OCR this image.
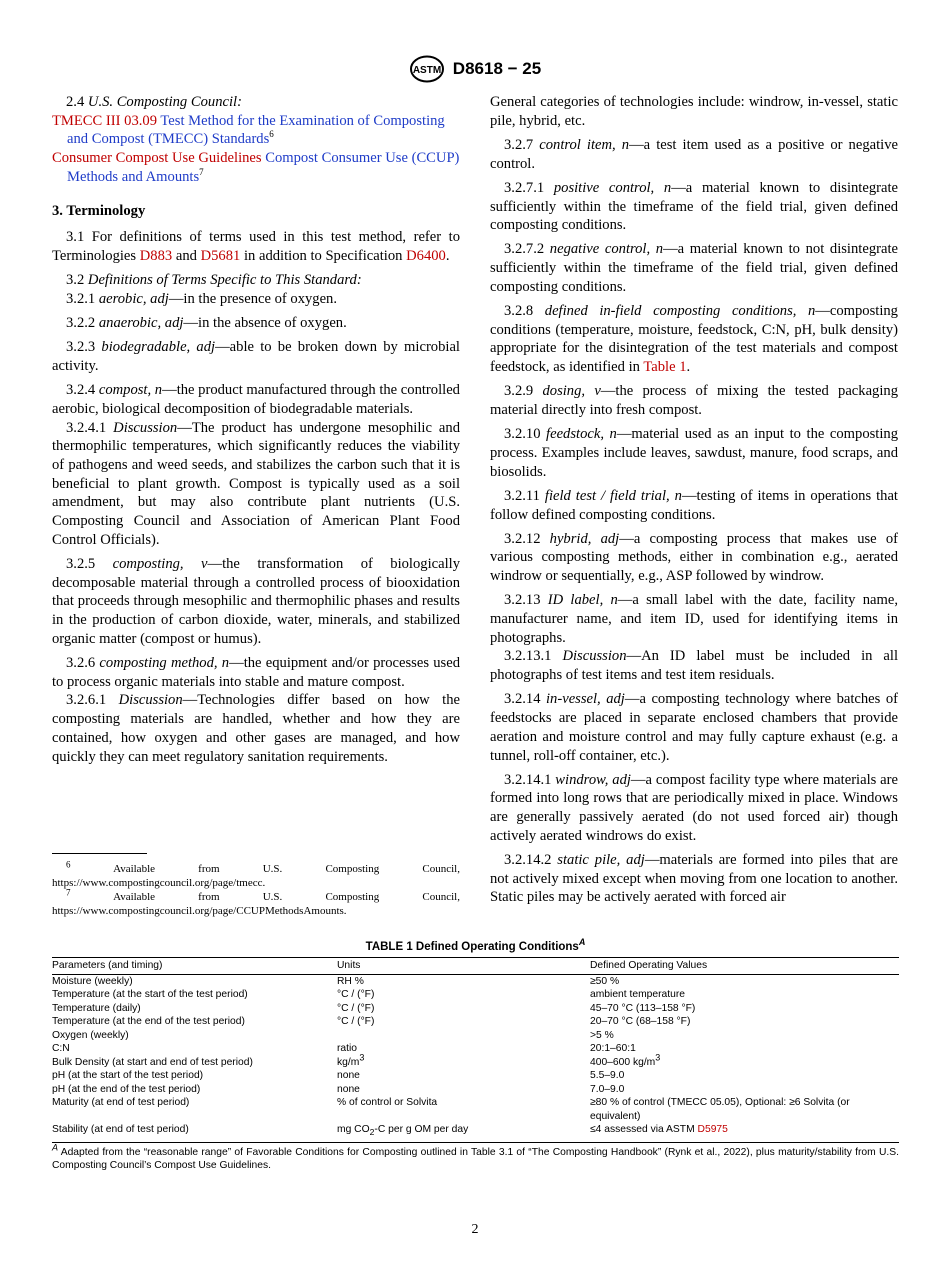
ASTM D8618 − 25

2.4 U.S. Composting Council:

TMECC III 03.09 Test Method for the Examination of Composting and Compost (TMECC) Standards$^6$

Consumer Compost Use Guidelines Compost Consumer Use (CCUP) Methods and Amounts$^7$

3. Terminology

3.1 For definitions of terms used in this test method, refer to Terminologies D883 and D5681 in addition to Specification D6400.

3.2 Definitions of Terms Specific to This Standard:

3.2.1 aerobic, adj—in the presence of oxygen.

3.2.2 anaerobic, adj—in the absence of oxygen.

3.2.3 biodegradable, adj—able to be broken down by microbial activity.

3.2.4 compost, n—the product manufactured through the controlled aerobic, biological decomposition of biodegradable materials.

3.2.4.1 Discussion—The product has undergone mesophilic and thermophilic temperatures, which significantly reduces the viability of pathogens and weed seeds, and stabilizes the carbon such that it is beneficial to plant growth. Compost is typically used as a soil amendment, but may also contribute plant nutrients (U.S. Composting Council and Association of American Plant Food Control Officials).

3.2.5 composting, v—the transformation of biologically decomposable material through a controlled process of biooxidation that proceeds through mesophilic and thermophilic phases and results in the production of carbon dioxide, water, minerals, and stabilized organic matter (compost or humus).

3.2.6 composting method, n—the equipment and/or processes used to process organic materials into stable and mature compost.

3.2.6.1 Discussion—Technologies differ based on how the composting materials are handled, whether and how they are contained, how oxygen and other gases are managed, and how quickly they can meet regulatory sanitation requirements.

General categories of technologies include: windrow, in-vessel, static pile, hybrid, etc.

3.2.7 control item, n—a test item used as a positive or negative control.

3.2.7.1 positive control, n—a material known to disintegrate sufficiently within the timeframe of the field trial, given defined composting conditions.

3.2.7.2 negative control, n—a material known to not disintegrate sufficiently within the timeframe of the field trial, given defined composting conditions.

3.2.8 defined in-field composting conditions, n—composting conditions (temperature, moisture, feedstock, C:N, pH, bulk density) appropriate for the disintegration of the test materials and compost feedstock, as identified in Table 1.

3.2.9 dosing, v—the process of mixing the tested packaging material directly into fresh compost.

3.2.10 feedstock, n—material used as an input to the composting process. Examples include leaves, sawdust, manure, food scraps, and biosolids.

3.2.11 field test / field trial, n—testing of items in operations that follow defined composting conditions.

3.2.12 hybrid, adj—a composting process that makes use of various composting methods, either in combination e.g., aerated windrow or sequentially, e.g., ASP followed by windrow.

3.2.13 ID label, n—a small label with the date, facility name, manufacturer name, and item ID, used for identifying items in photographs.

3.2.13.1 Discussion—An ID label must be included in all photographs of test items and test item residuals.

3.2.14 in-vessel, adj—a composting technology where batches of feedstocks are placed in separate enclosed chambers that provide aeration and moisture control and may fully capture exhaust (e.g. a tunnel, roll-off container, etc.).

3.2.14.1 windrow, adj—a compost facility type where materials are formed into long rows that are periodically mixed in place. Windows are generally passively aerated (do not used forced air) though actively aerated windrows do exist.

3.2.14.2 static pile, adj—materials are formed into piles that are not actively mixed except when moving from one location to another. Static piles may be actively aerated with forced air

$^6$	Available from U.S. Composting Council, https://www.compostingcouncil.org/page/tmecc.

$^7$	Available from U.S. Composting Council, https://www.compostingcouncil.org/page/CCUPMethodsAmounts.

TABLE 1 Defined Operating Conditions$^A$
Parameters (and timing)	Units	Defined Operating Values
Moisture (weekly)	RH %	≥50 %
Temperature (at the start of the test period)	°C / (°F)	ambient temperature
Temperature (daily)	°C / (°F)	45–70 °C (113–158 °F)
Temperature (at the end of the test period)	°C / (°F)	20–70 °C (68–158 °F)
Oxygen (weekly)		>5 %
C:N	ratio	20:1–60:1
Bulk Density (at start and end of test period)	$kg/m^3$	400–600 $kg/m^3$
pH (at the start of the test period)	none	5.5–9.0
pH (at the end of the test period)	none	7.0–9.0
Maturity (at end of test period)	% of control or Solvita	≥80 % of control (TMECC 05.05), Optional: ≥6 Solvita (or equivalent)
Stability (at end of test period)	mg $CO_2-C$ per g OM per day	≤4 assessed via ASTM D5975
$^A$ Adapted from the “reasonable range” of Favorable Conditions for Composting outlined in Table 3.1 of “The Composting Handbook” (Rynk et al., 2022), plus maturity/stability from U.S. Composting Council’s Compost Use Guidelines.
2
